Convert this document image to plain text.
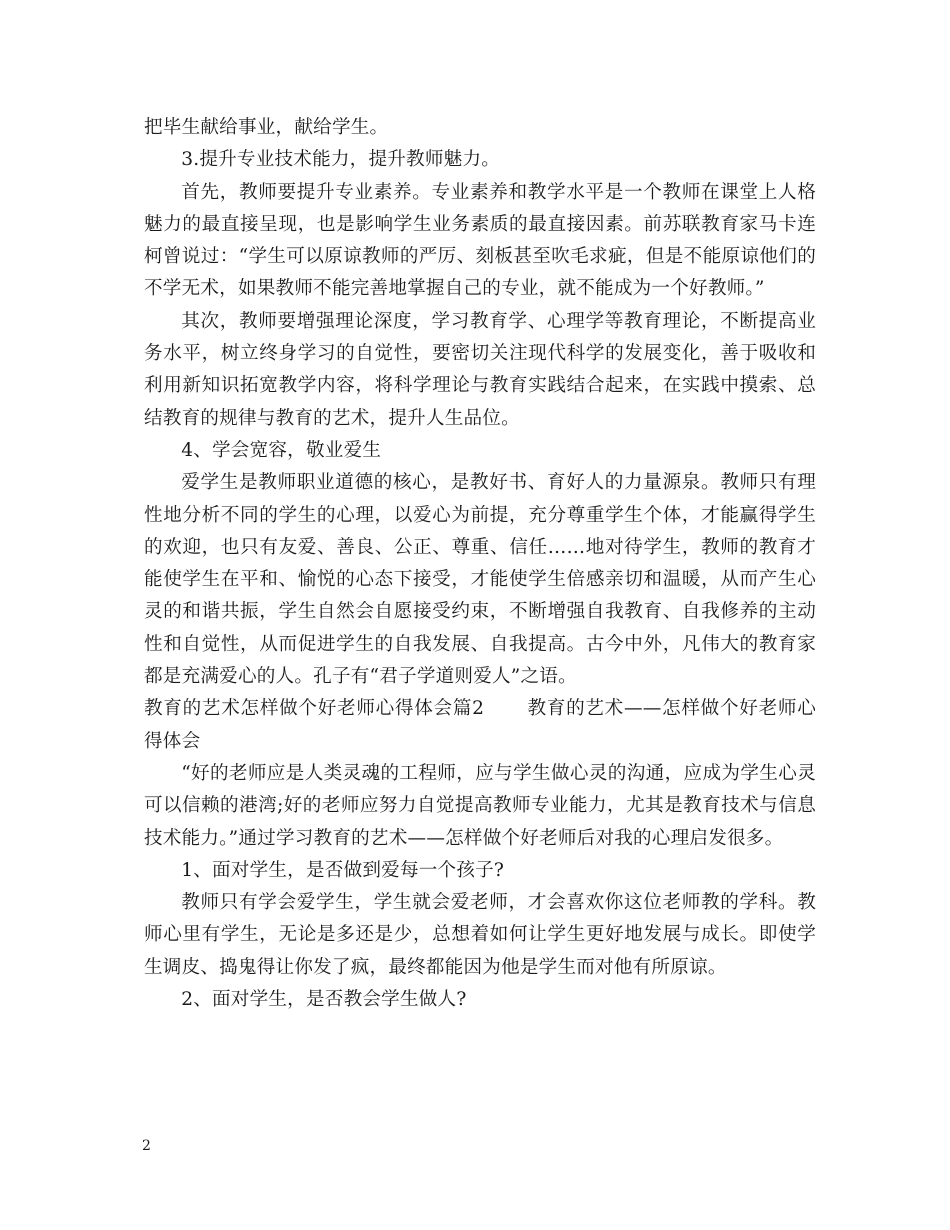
把毕生献给事业，献给学生。

3.提升专业技术能力，提升教师魅力。

首先，教师要提升专业素养。专业素养和教学水平是一个教师在课堂上人格魅力的最直接呈现，也是影响学生业务素质的最直接因素。前苏联教育家马卡连柯曾说过：“学生可以原谅教师的严厉、刻板甚至吹毛求疵，但是不能原谅他们的不学无术，如果教师不能完善地掌握自己的专业，就不能成为一个好教师。”

其次，教师要增强理论深度，学习教育学、心理学等教育理论，不断提高业务水平，树立终身学习的自觉性，要密切关注现代科学的发展变化，善于吸收和利用新知识拓宽教学内容，将科学理论与教育实践结合起来，在实践中摸索、总结教育的规律与教育的艺术，提升人生品位。

4、学会宽容，敬业爱生

爱学生是教师职业道德的核心，是教好书、育好人的力量源泉。教师只有理性地分析不同的学生的心理，以爱心为前提，充分尊重学生个体，才能赢得学生的欢迎，也只有友爱、善良、公正、尊重、信任……地对待学生，教师的教育才能使学生在平和、愉悦的心态下接受，才能使学生倍感亲切和温暖，从而产生心灵的和谐共振，学生自然会自愿接受约束，不断增强自我教育、自我修养的主动性和自觉性，从而促进学生的自我发展、自我提高。古今中外，凡伟大的教育家都是充满爱心的人。孔子有“君子学道则爱人”之语。

教育的艺术怎样做个好老师心得体会篇2 教育的艺术——怎样做个好老师心得体会

“好的老师应是人类灵魂的工程师，应与学生做心灵的沟通，应成为学生心灵可以信赖的港湾;好的老师应努力自觉提高教师专业能力，尤其是教育技术与信息技术能力。”通过学习教育的艺术——怎样做个好老师后对我的心理启发很多。

1、面对学生，是否做到爱每一个孩子?

教师只有学会爱学生，学生就会爱老师，才会喜欢你这位老师教的学科。教师心里有学生，无论是多还是少，总想着如何让学生更好地发展与成长。即使学生调皮、捣鬼得让你发了疯，最终都能因为他是学生而对他有所原谅。

2、面对学生，是否教会学生做人?

2
